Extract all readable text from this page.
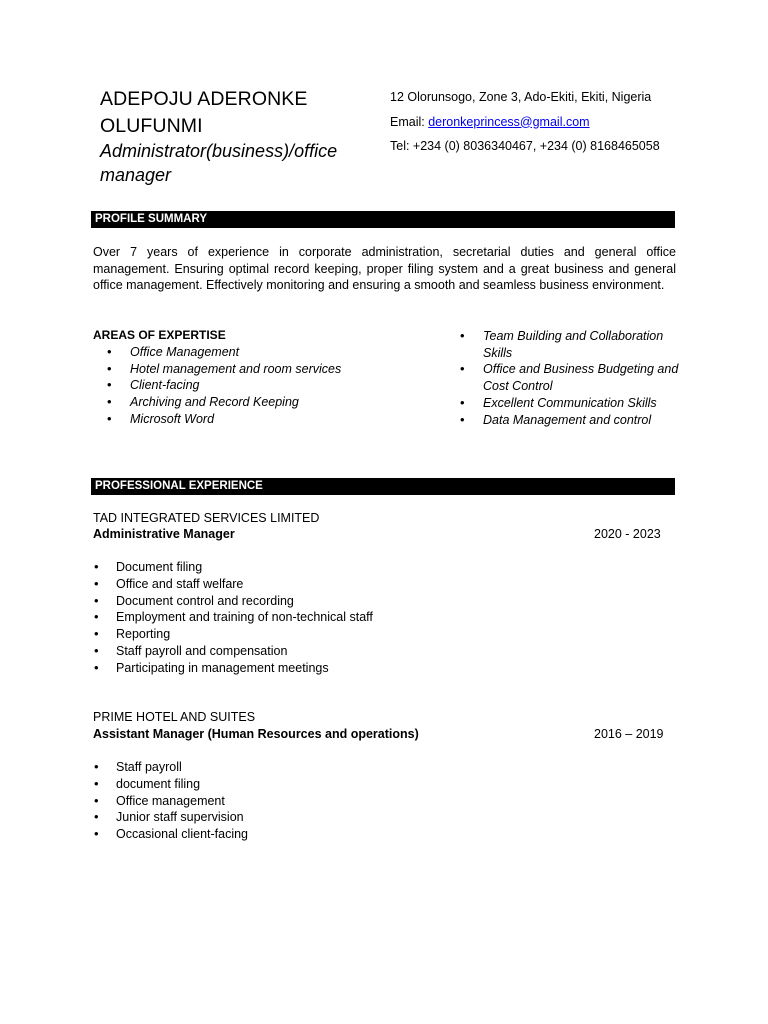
ADEPOJU ADERONKE OLUFUNMI
Administrator(business)/office manager
12 Olorunsogo, Zone 3, Ado-Ekiti, Ekiti, Nigeria
Email: deronkeprincess@gmail.com
Tel: +234 (0) 8036340467, +234 (0) 8168465058
PROFILE SUMMARY
Over 7 years of experience in corporate administration, secretarial duties and general office management. Ensuring optimal record keeping, proper filing system and a great business and general office management. Effectively monitoring and ensuring a smooth and seamless business environment.
AREAS OF EXPERTISE
• Office Management
• Hotel management and room services
• Client-facing
• Archiving and Record Keeping
• Microsoft Word
• Team Building and Collaboration Skills
• Office and Business Budgeting and Cost Control
• Excellent Communication Skills
• Data Management and control
PROFESSIONAL EXPERIENCE
TAD INTEGRATED SERVICES LIMITED
Administrative Manager	2020 - 2023
• Document filing
• Office and staff welfare
• Document control and recording
• Employment and training of non-technical staff
• Reporting
• Staff payroll and compensation
• Participating in management meetings
PRIME HOTEL AND SUITES
Assistant Manager (Human Resources and operations)	2016 – 2019
• Staff payroll
• document filing
• Office management
• Junior staff supervision
• Occasional client-facing
